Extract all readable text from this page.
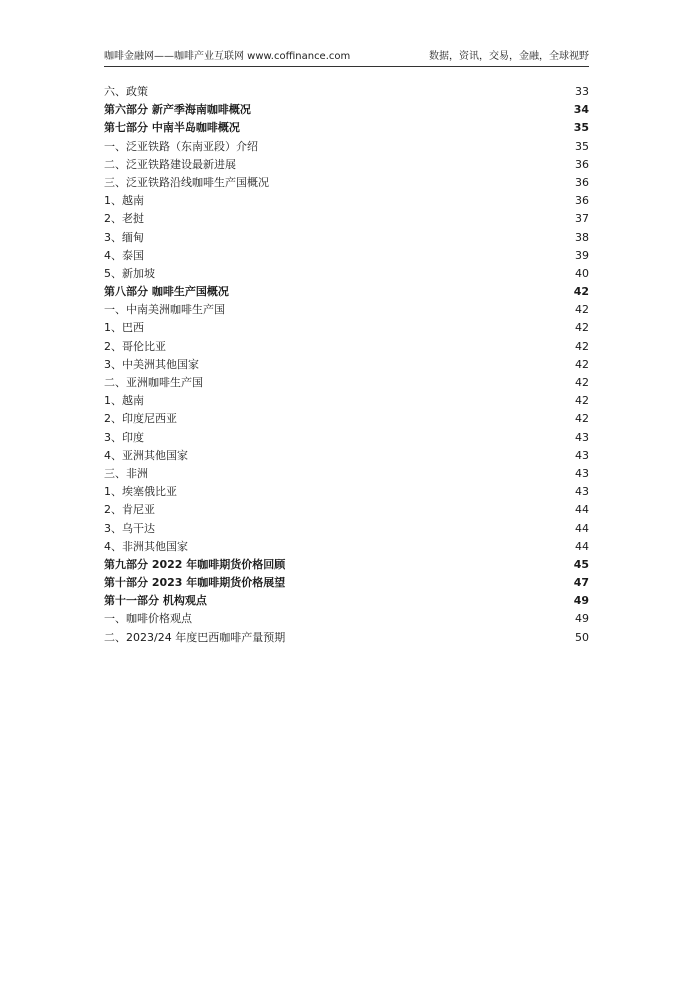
咖啡金融网——咖啡产业互联网 www.coffinance.com	数据，资讯，交易，金融，全球视野
六、政策	33
第六部分 新产季海南咖啡概况	34
第七部分 中南半岛咖啡概况	35
一、泛亚铁路（东南亚段）介绍	35
二、泛亚铁路建设最新进展	36
三、泛亚铁路沿线咖啡生产国概况	36
1、越南	36
2、老挝	37
3、缅甸	38
4、泰国	39
5、新加坡	40
第八部分 咖啡生产国概况	42
一、中南美洲咖啡生产国	42
1、巴西	42
2、哥伦比亚	42
3、中美洲其他国家	42
二、亚洲咖啡生产国	42
1、越南	42
2、印度尼西亚	42
3、印度	43
4、亚洲其他国家	43
三、非洲	43
1、埃塞俄比亚	43
2、肯尼亚	44
3、乌干达	44
4、非洲其他国家	44
第九部分 2022 年咖啡期货价格回顾	45
第十部分 2023 年咖啡期货价格展望	47
第十一部分 机构观点	49
一、咖啡价格观点	49
二、2023/24 年度巴西咖啡产量预期	50
